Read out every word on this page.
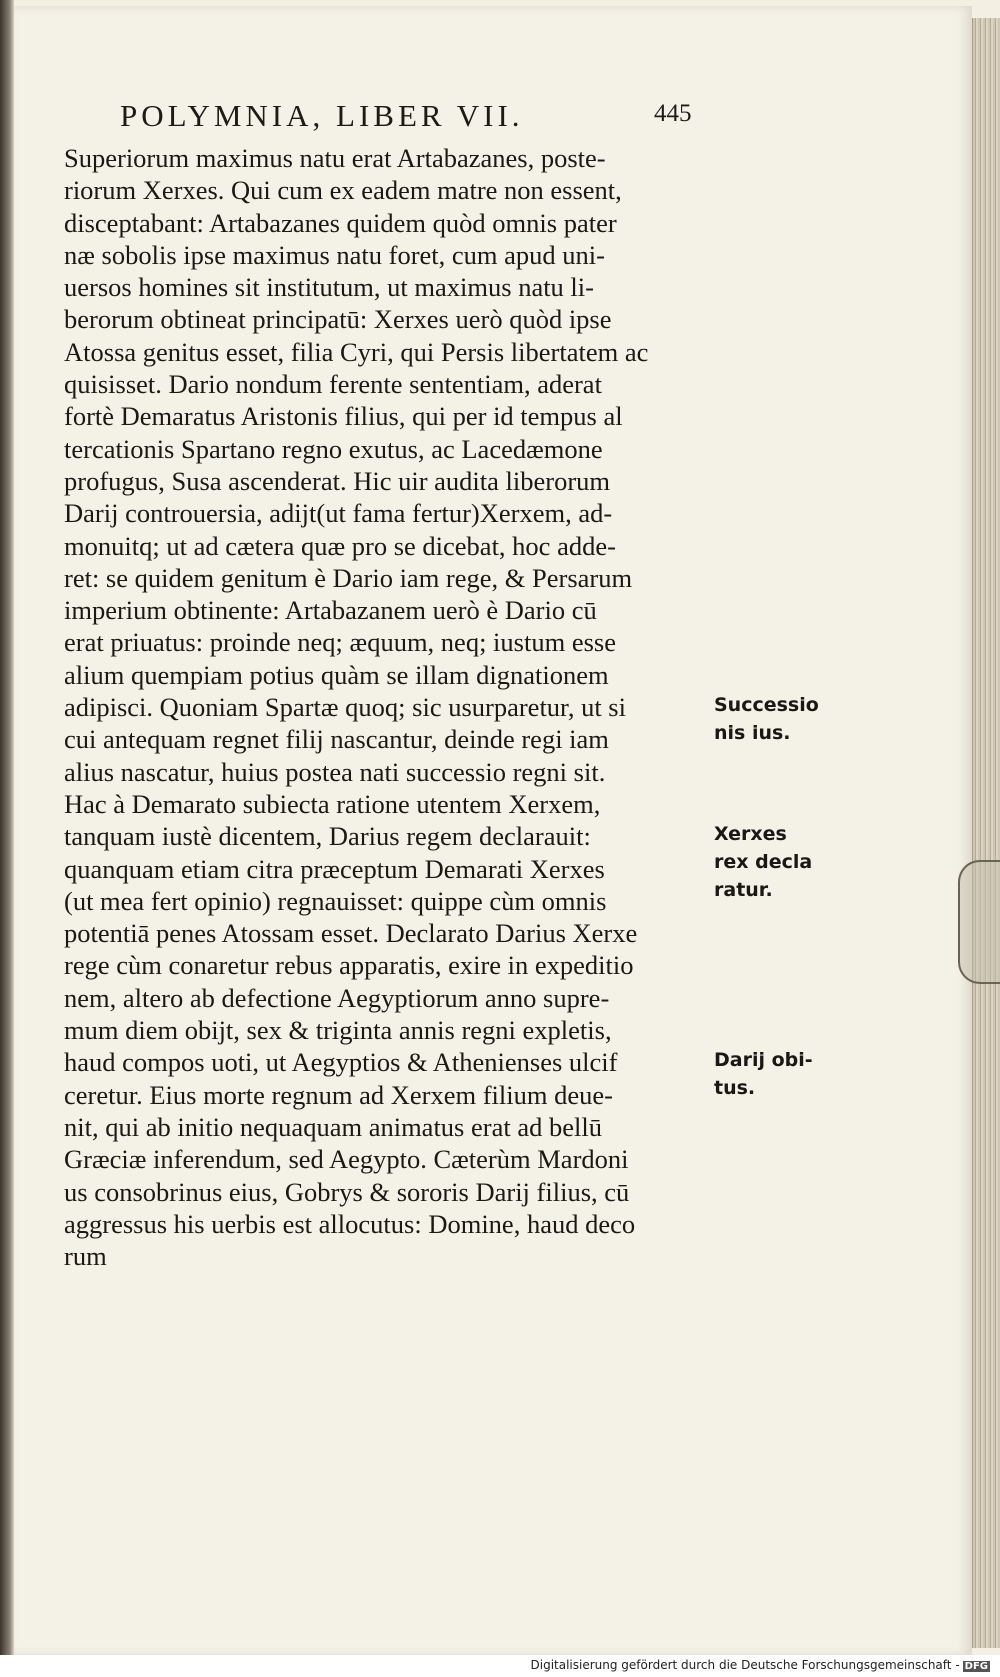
POLYMNIA, LIBER VII.	445
Superiorum maximus natu erat Artabazanes, poste-
riorum Xerxes. Qui cum ex eadem matre non essent,
disceptabant: Artabazanes quidem quòd omnis pater
næ sobolis ipse maximus natu foret, cum apud uni-
uersos homines sit institutum, ut maximus natu li-
berorum obtineat principatū: Xerxes uerò quòd ipse
Atossa genitus esset, filia Cyri, qui Persis libertatem ac
quisisset. Dario nondum ferente sententiam, aderat
fortè Demaratus Aristonis filius, qui per id tempus al
tercationis Spartano regno exutus, ac Lacedæmone
profugus, Susa ascenderat. Hic uir audita liberorum
Darij controuersia, adijt(ut fama fertur)Xerxem, ad-
monuitq; ut ad cætera quæ pro se dicebat, hoc adde-
ret: se quidem genitum è Dario iam rege, & Persarum
imperium obtinente: Artabazanem uerò è Dario cū
erat priuatus: proinde neq; æquum, neq; iustum esse
alium quempiam potius quàm se illam dignationem
adipisci. Quoniam Spartæ quoq; sic usurparetur, ut si
cui antequam regnet filij nascantur, deinde regi iam
alius nascatur, huius postea nati successio regni sit.
Hac à Demarato subiecta ratione utentem Xerxem,
tanquam iustè dicentem, Darius regem declarauit:
quanquam etiam citra præceptum Demarati Xerxes
(ut mea fert opinio) regnauisset: quippe cùm omnis
potentiā penes Atossam esset. Declarato Darius Xerxe
rege cùm conaretur rebus apparatis, exire in expeditio
nem, altero ab defectione Aegyptiorum anno supre-
mum diem obijt, sex & triginta annis regni expletis,
haud compos uoti, ut Aegyptios & Athenienses ulcif
ceretur. Eius morte regnum ad Xerxem filium deue-
nit, qui ab initio nequaquam animatus erat ad bellū
Græciæ inferendum, sed Aegypto. Cæterùm Mardoni
us consobrinus eius, Gobrys & sororis Darij filius, cū
aggressus his uerbis est allocutus: Domine, haud deco
rum
Successio
nis ius.
Xerxes
rex decla
ratur.
Darij obi-
tus.
Digitalisierung gefördert durch die Deutsche Forschungsgemeinschaft - DFG
